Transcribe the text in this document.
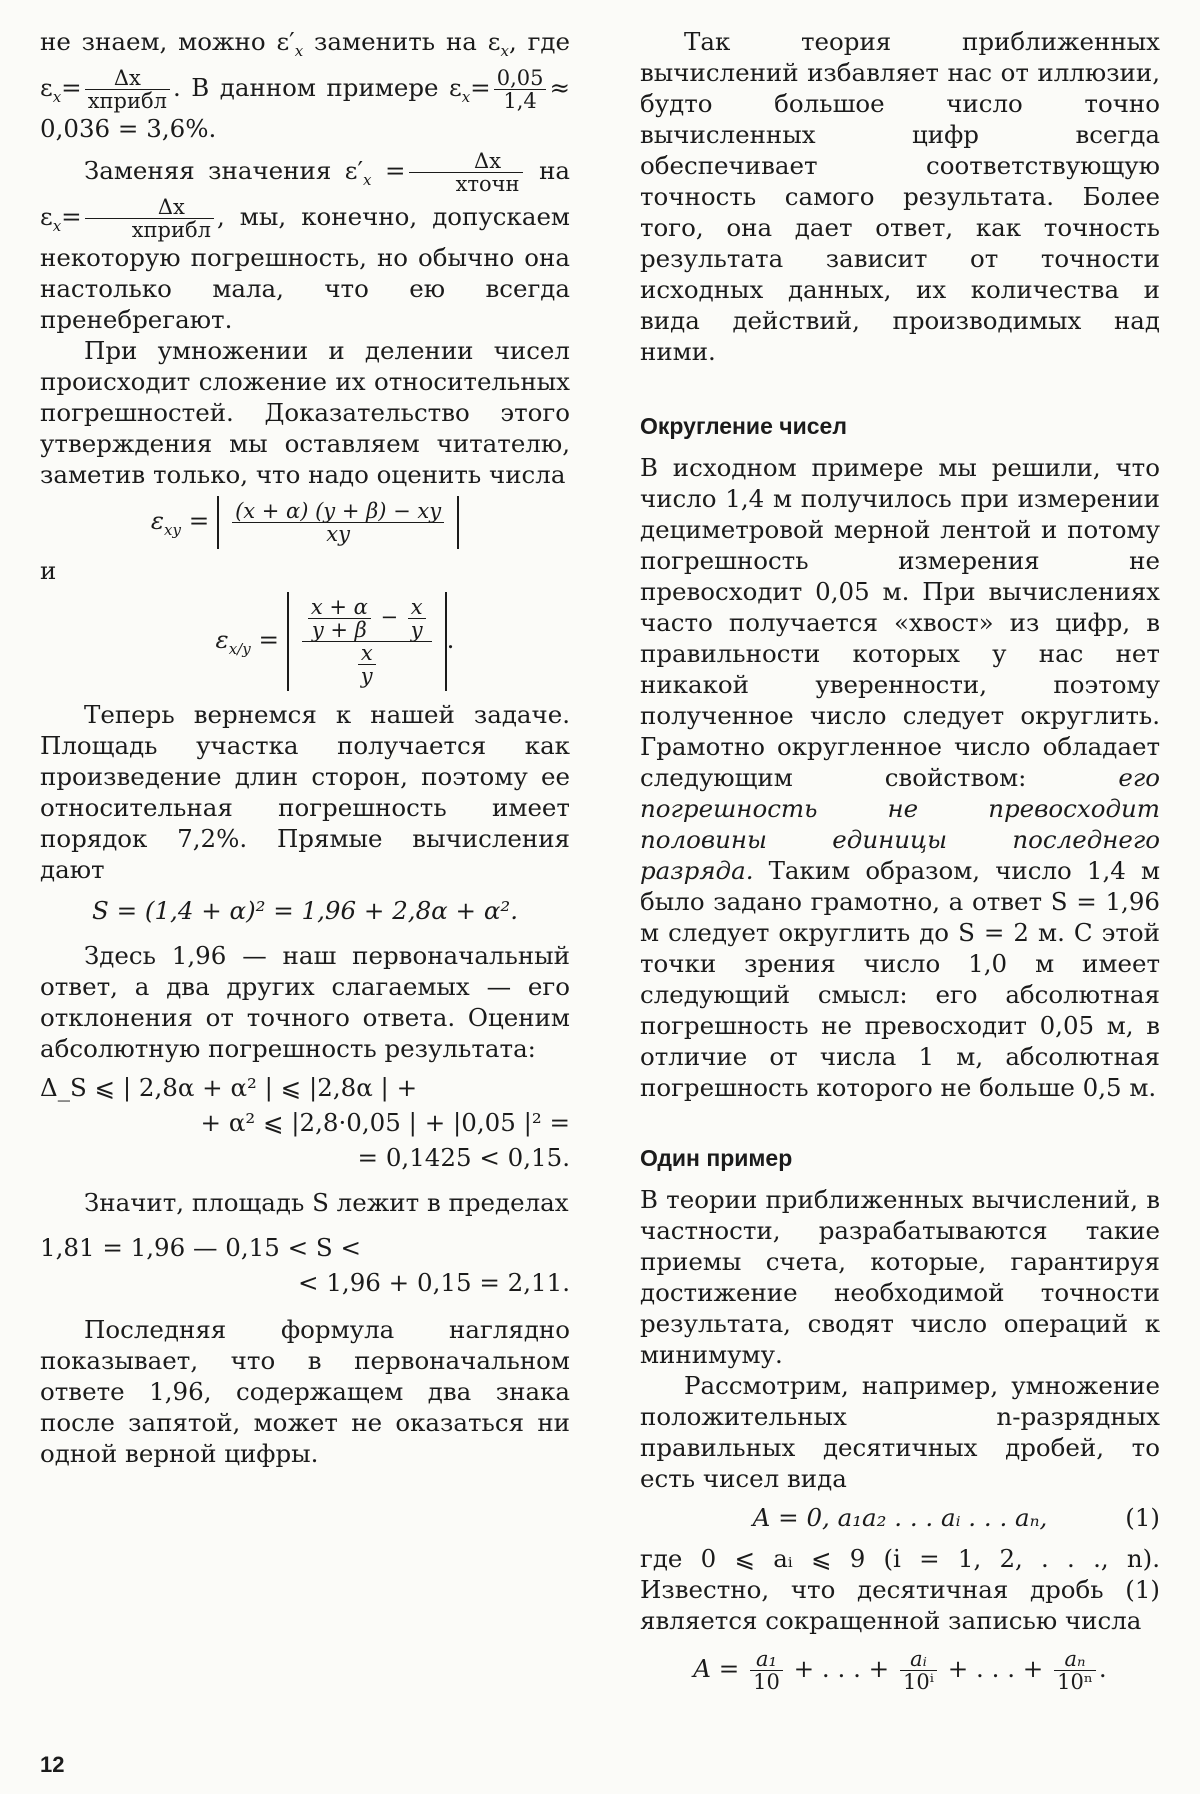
не знаем, можно $\varepsilon'_x$ заменить на $\varepsilon_x$, где $\varepsilon_x= \frac{\Delta x}{\text{xприбл}}$ . В данном примере $\varepsilon_x= \frac{0,05}{1,4} \approx 0,036 = 3,6\%$.

Заменяя значения $\varepsilon'_x = \frac{\Delta x}{\text{xточн}}$ на $\varepsilon_x= \frac{\Delta x}{\text{xприбл}}$ , мы, конечно, допускаем некоторую погрешность, но обычно она настолько мала, что ею всегда пренебрегают.

При умножении и делении чисел происходит сложение их относительных погрешностей. Доказательство этого утверждения мы оставляем читателю, заметив только, что надо оценить числа

$\varepsilon_{xy} = \frac{(x + \alpha) (y + \beta) - xy}{xy}$

и

$\varepsilon_{x/y} = \frac{\frac{x + \alpha}{y + \beta} - \frac{x}{y}}{\frac{x}{y}}$ .

Теперь вернемся к нашей задаче. Площадь участка получается как произведение длин сторон, поэтому ее относительная погрешность имеет порядок 7,2%. Прямые вычисления дают

S = (1,4 + α)² = 1,96 + 2,8α + α².

Здесь 1,96 — наш первоначальный ответ, а два других слагаемых — его отклонения от точного ответа. Оценим абсолютную погрешность результата:

Δ_S ⩽ | 2,8α + α² | ⩽ |2,8α | +

+ α² ⩽ |2,8·0,05 | + |0,05 |² =

= 0,1425 < 0,15.

Значит, площадь S лежит в пределах

1,81 = 1,96 — 0,15 < S <

< 1,96 + 0,15 = 2,11.

Последняя формула наглядно показывает, что в первоначальном ответе 1,96, содержащем два знака после запятой, может не оказаться ни одной верной цифры.

Так теория приближенных вычислений избавляет нас от иллюзии, будто большое число точно вычисленных цифр всегда обеспечивает соответствующую точность самого результата. Более того, она дает ответ, как точность результата зависит от точности исходных данных, их количества и вида действий, производимых над ними.

Округление чисел

В исходном примере мы решили, что число 1,4 м получилось при измерении дециметровой мерной лентой и потому погрешность измерения не превосходит 0,05 м. При вычислениях часто получается «хвост» из цифр, в правильности которых у нас нет никакой уверенности, поэтому полученное число следует округлить. Грамотно округленное число обладает следующим свойством: его погрешность не превосходит половины единицы последнего разряда. Таким образом, число 1,4 м было задано грамотно, а ответ S = 1,96 м следует округлить до S = 2 м. С этой точки зрения число 1,0 м имеет следующий смысл: его абсолютная погрешность не превосходит 0,05 м, в отличие от числа 1 м, абсолютная погрешность которого не больше 0,5 м.

Один пример

В теории приближенных вычислений, в частности, разрабатываются такие приемы счета, которые, гарантируя достижение необходимой точности результата, сводят число операций к минимуму.

Рассмотрим, например, умножение положительных n-разрядных правильных десятичных дробей, то есть чисел вида

A = 0, a₁a₂ . . . aᵢ . . . aₙ,	(1)

где 0 ⩽ aᵢ ⩽ 9 (i = 1, 2, . . ., n). Известно, что десятичная дробь (1) является сокращенной записью числа

$A = \frac{\text{a₁}}{10}$ + . . . + $\frac{\text{aᵢ}}{\text{10ⁱ}}$ + . . . + $\frac{\text{aₙ}}{\text{10ⁿ}}$ .
12
